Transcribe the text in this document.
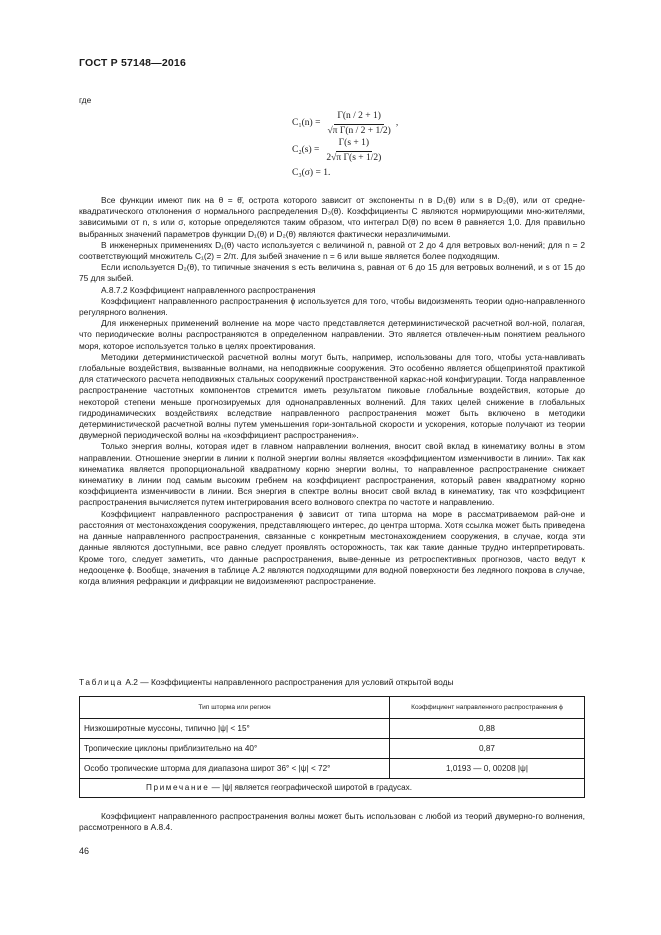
ГОСТ Р 57148—2016
где
$C_1(n) = \frac{\Gamma(n / 2 + 1)}{\text{√π Γ(n / 2 + 1/2)}}$ ,
$C_2(s) = \frac{\Gamma(s + 1)}{\text{2√π Γ(s + 1/2)}}$
C₃(σ) = 1.

Все функции имеют пик на θ = θ̄, острота которого зависит от экспоненты n в D₁(θ) или s в D₂(θ), или от средне-квадратического отклонения σ нормального распределения D₃(θ). Коэффициенты C являются нормирующими мно-жителями, зависимыми от n, s или σ, которые определяются таким образом, что интеграл D(θ) по всем θ равняется 1,0. Для правильно выбранных значений параметров функции D₁(θ) и D₂(θ) являются фактически неразличимыми.

В инженерных применениях D₁(θ) часто используется с величиной n, равной от 2 до 4 для ветровых вол-нений; для n = 2 соответствующий множитель C₁(2) = 2/π. Для зыбей значение n = 6 или выше является более подходящим.

Если используется D₂(θ), то типичные значения s есть величина s, равная от 6 до 15 для ветровых волнений, и s от 15 до 75 для зыбей.

А.8.7.2 Коэффициент направленного распространения

Коэффициент направленного распространения ϕ используется для того, чтобы видоизменять теории одно-направленного регулярного волнения.

Для инженерных применений волнение на море часто представляется детерминистической расчетной вол-ной, полагая, что периодические волны распространяются в определенном направлении. Это является отвлечен-ным понятием реального моря, которое используется только в целях проектирования.

Методики детерминистической расчетной волны могут быть, например, использованы для того, чтобы уста-навливать глобальные воздействия, вызванные волнами, на неподвижные сооружения. Это особенно является общепринятой практикой для статического расчета неподвижных стальных сооружений пространственной каркас-ной конфигурации. Тогда направленное распространение частотных компонентов стремится иметь результатом пиковые глобальные воздействия, которые до некоторой степени меньше прогнозируемых для однонаправленных волнений. Для таких целей снижение в глобальных гидродинамических воздействиях вследствие направленного распространения может быть включено в методики детерминистической расчетной волны путем уменьшения гори-зонтальной скорости и ускорения, которые получают из теории двумерной периодической волны на «коэффициент распространения».

Только энергия волны, которая идет в главном направлении волнения, вносит свой вклад в кинематику волны в этом направлении. Отношение энергии в линии к полной энергии волны является «коэффициентом изменчивости в линии». Так как кинематика является пропорциональной квадратному корню энергии волны, то направленное распространение снижает кинематику в линии под самым высоким гребнем на коэффициент распространения, который равен квадратному корню коэффициента изменчивости в линии. Вся энергия в спектре волны вносит свой вклад в кинематику, так что коэффициент распространения вычисляется путем интегрирования всего волнового спектра по частоте и направлению.

Коэффициент направленного распространения ϕ зависит от типа шторма на море в рассматриваемом рай-оне и расстояния от местонахождения сооружения, представляющего интерес, до центра шторма. Хотя ссылка может быть приведена на данные направленного распространения, связанные с конкретным местонахождением сооружения, в случае, когда эти данные являются доступными, все равно следует проявлять осторожность, так как такие данные трудно интерпретировать. Кроме того, следует заметить, что данные распространения, выве-денные из ретроспективных прогнозов, часто ведут к недооценке ϕ. Вообще, значения в таблице А.2 являются подходящими для водной поверхности без ледяного покрова в случае, когда влияния рефракции и дифракции не видоизменяют распространение.

Таблица А.2 — Коэффициенты направленного распространения для условий открытой воды
Тип шторма или регион	Коэффициент направленного распространения ϕ
Низкоширотные муссоны, типично |ψ| < 15°	0,88
Тропические циклоны приблизительно на 40°	0,87
Особо тропические шторма для диапазона широт 36° < |ψ| < 72°	1,0193 — 0, 00208 |ψ|
Примечание — |ψ| является географической широтой в градусах.	
Коэффициент направленного распространения волны может быть использован с любой из теорий двумерно-го волнения, рассмотренного в А.8.4.
46
